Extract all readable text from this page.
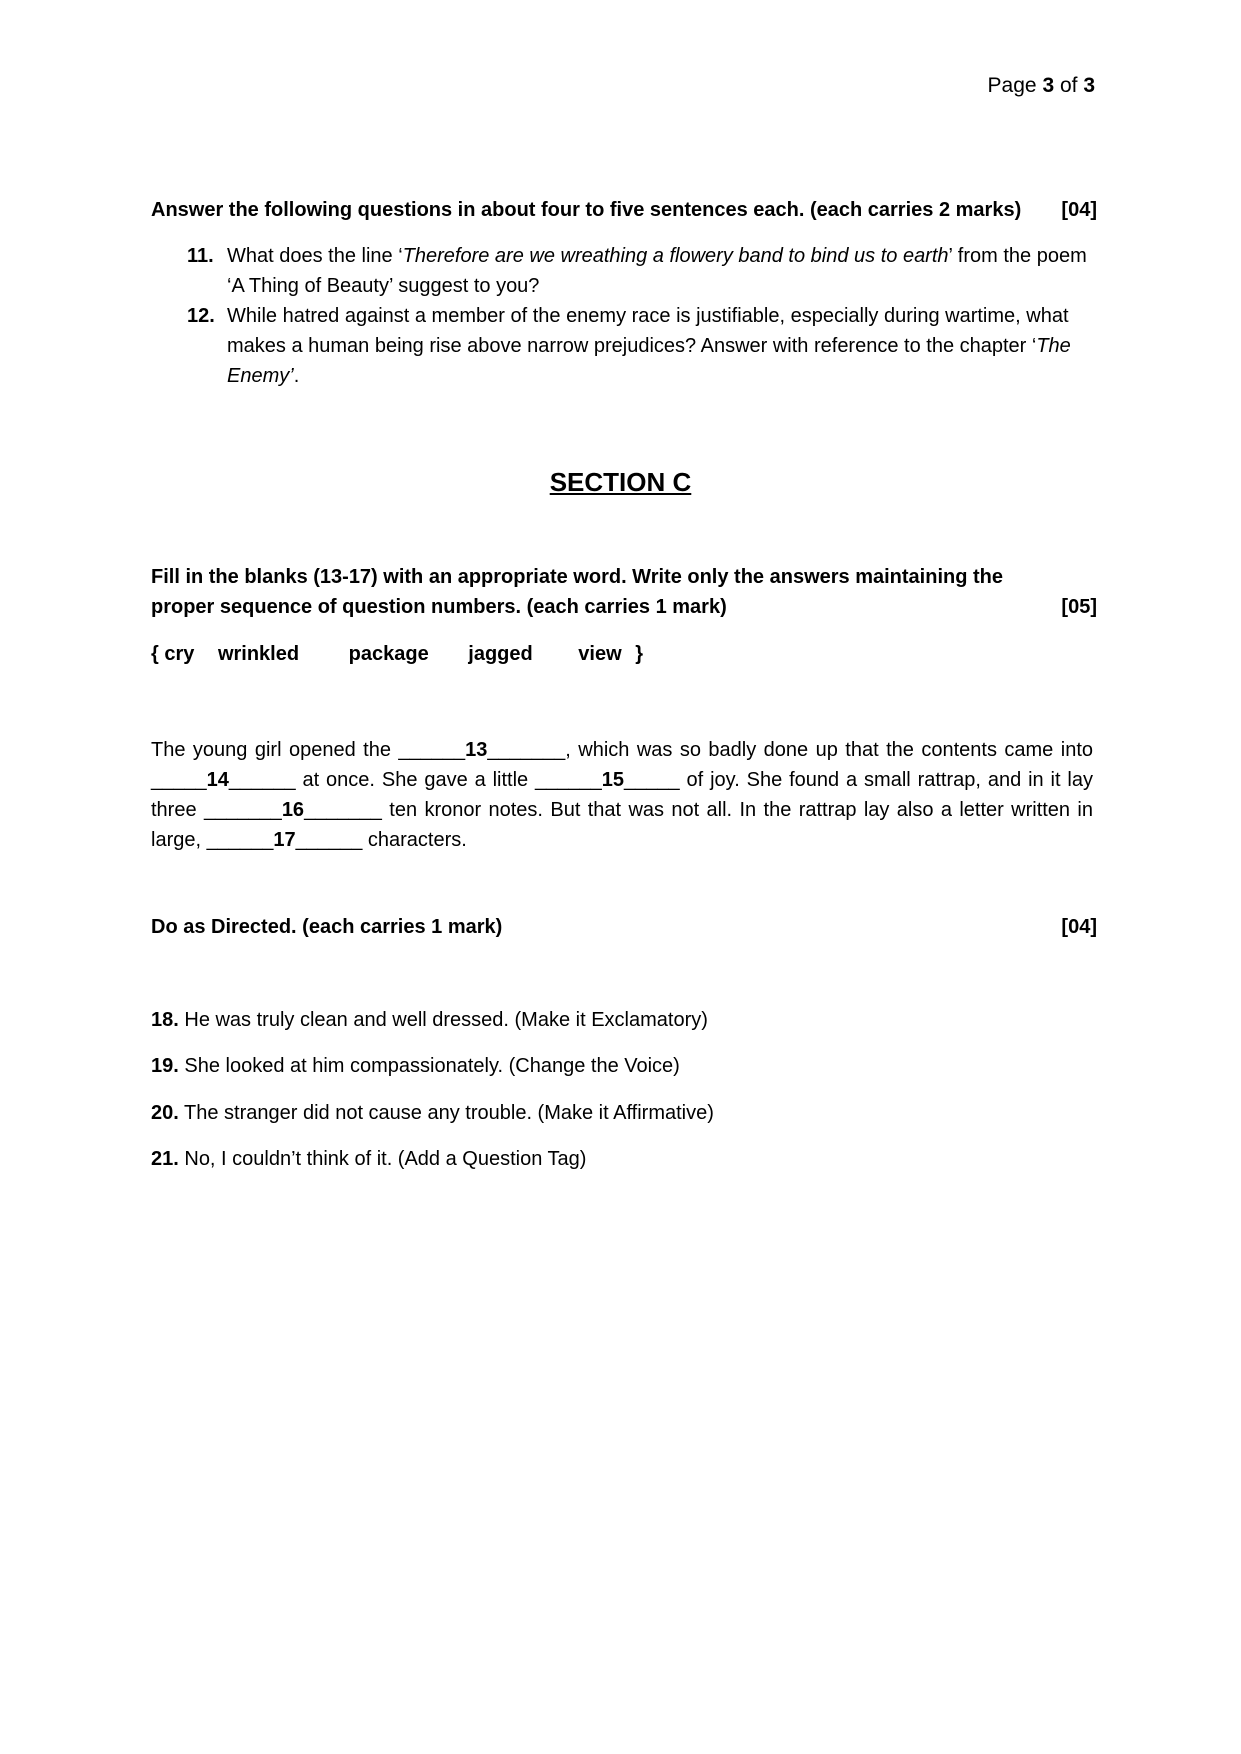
Page 3 of 3
Answer the following questions in about four to five sentences each. (each carries 2 marks) [04]
11. What does the line ‘Therefore are we wreathing a flowery band to bind us to earth’ from the poem ‘A Thing of Beauty’ suggest to you?
12. While hatred against a member of the enemy race is justifiable, especially during wartime, what makes a human being rise above narrow prejudices? Answer with reference to the chapter ‘The Enemy’.
SECTION C
Fill in the blanks (13-17) with an appropriate word. Write only the answers maintaining the
proper sequence of question numbers. (each carries 1 mark)	[05]
{ cry wrinkled package jagged view }
The young girl opened the ______13_______, which was so badly done up that the contents came into _____14______ at once. She gave a little ______15_____ of joy. She found a small rattrap, and in it lay three _______16_______ ten kronor notes. But that was not all. In the rattrap lay also a letter written in large, ______17______ characters.
Do as Directed. (each carries 1 mark)	[04]
18. He was truly clean and well dressed. (Make it Exclamatory)
19. She looked at him compassionately. (Change the Voice)
20. The stranger did not cause any trouble. (Make it Affirmative)
21. No, I couldn’t think of it. (Add a Question Tag)
